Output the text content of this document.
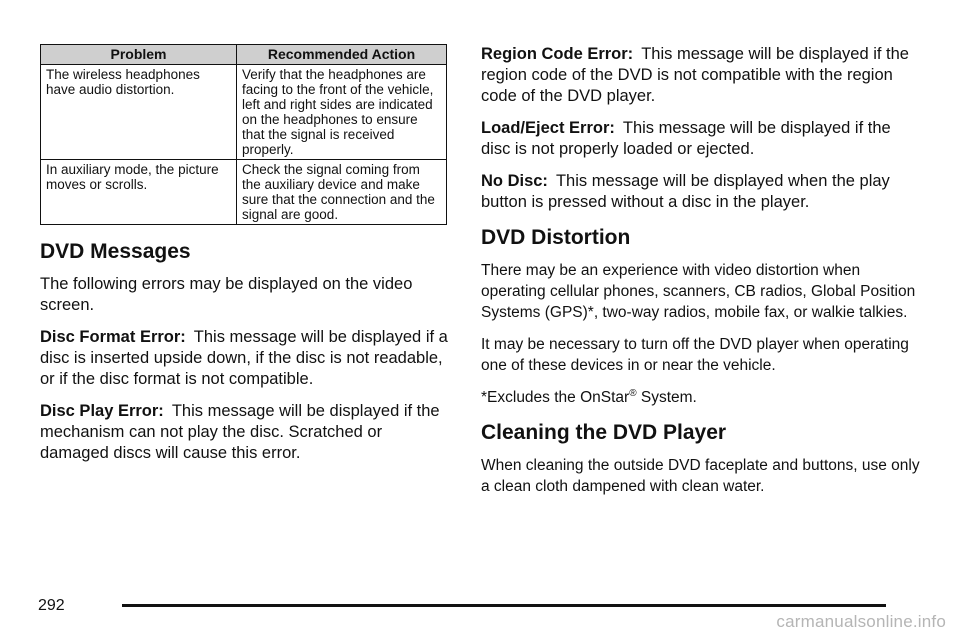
Problem	Recommended Action
The wireless headphones have audio distortion.	Verify that the headphones are facing to the front of the vehicle, left and right sides are indicated on the headphones to ensure that the signal is received properly.
In auxiliary mode, the picture moves or scrolls.	Check the signal coming from the auxiliary device and make sure that the connection and the signal are good.
DVD Messages

The following errors may be displayed on the video screen.

Disc Format Error: This message will be displayed if a disc is inserted upside down, if the disc is not readable, or if the disc format is not compatible.

Disc Play Error: This message will be displayed if the mechanism can not play the disc. Scratched or damaged discs will cause this error.

Region Code Error: This message will be displayed if the region code of the DVD is not compatible with the region code of the DVD player.

Load/Eject Error: This message will be displayed if the disc is not properly loaded or ejected.

No Disc: This message will be displayed when the play button is pressed without a disc in the player.

DVD Distortion

There may be an experience with video distortion when operating cellular phones, scanners, CB radios, Global Position Systems (GPS)*, two-way radios, mobile fax, or walkie talkies.

It may be necessary to turn off the DVD player when operating one of these devices in or near the vehicle.

*Excludes the OnStar® System.

Cleaning the DVD Player

When cleaning the outside DVD faceplate and buttons, use only a clean cloth dampened with clean water.

292
carmanualsonline.info
